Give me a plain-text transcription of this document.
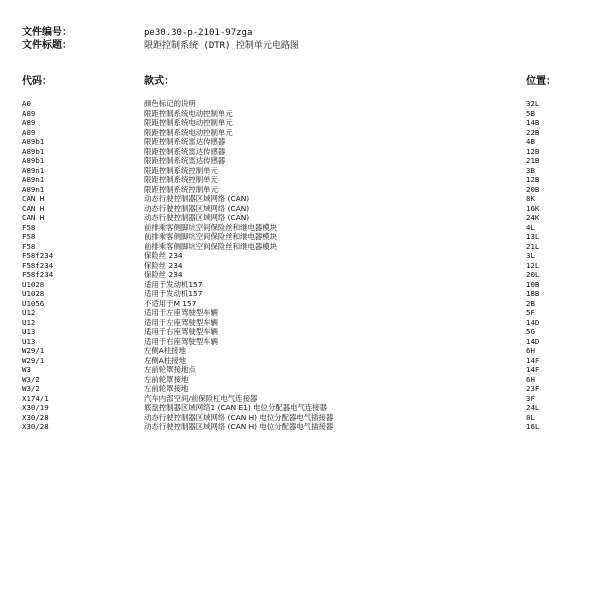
文件编号：	pe30.30-p-2101-97zga
文件标题：	限距控制系统 (DTR) 控制单元电路图
代码：	款式：	位置：
A0	颜色标记的说明	32L
A89	限距控制系统电动控制单元	5B
A89	限距控制系统电动控制单元	14B
A89	限距控制系统电动控制单元	22B
A89b1	限距控制系统雷达传感器	4B
A89b1	限距控制系统雷达传感器	12B
A89b1	限距控制系统雷达传感器	21B
A89n1	限距控制系统控制单元	3B
A89n1	限距控制系统控制单元	12B
A89n1	限距控制系统控制单元	20B
CAN H	动态行驶控制器区域网络 (CAN)	8K
CAN H	动态行驶控制器区域网络 (CAN)	16K
CAN H	动态行驶控制器区域网络 (CAN)	24K
F58	前排乘客侧脚坑空间保险丝和继电器模块	4L
F58	前排乘客侧脚坑空间保险丝和继电器模块	13L
F58	前排乘客侧脚坑空间保险丝和继电器模块	21L
F58f234	保险丝 234	3L
F58f234	保险丝 234	12L
F58f234	保险丝 234	20L
U1028	适用于发动机157	10B
U1028	适用于发动机157	18B
U1056	不适用于M 157	2B
U12	适用于左座驾驶型车辆	5F
U12	适用于左座驾驶型车辆	14D
U13	适用于右座驾驶型车辆	5G
U13	适用于右座驾驶型车辆	14D
W29/1	左侧A柱接地	6H
W29/1	左侧A柱接地	14F
W3	左前轮罩接地点	14F
W3/2	左前轮罩接地	6H
W3/2	左前轮罩接地	23F
X174/1	汽车内部空间/前保险杠电气连接器	3F
X30/19	底盘控制器区域网络1 (CAN E1) 电位分配器电气连接器	24L
X30/28	动态行驶控制器区域网络 (CAN H) 电位分配器电气插接器	8L
X30/28	动态行驶控制器区域网络 (CAN H) 电位分配器电气插接器	16L
